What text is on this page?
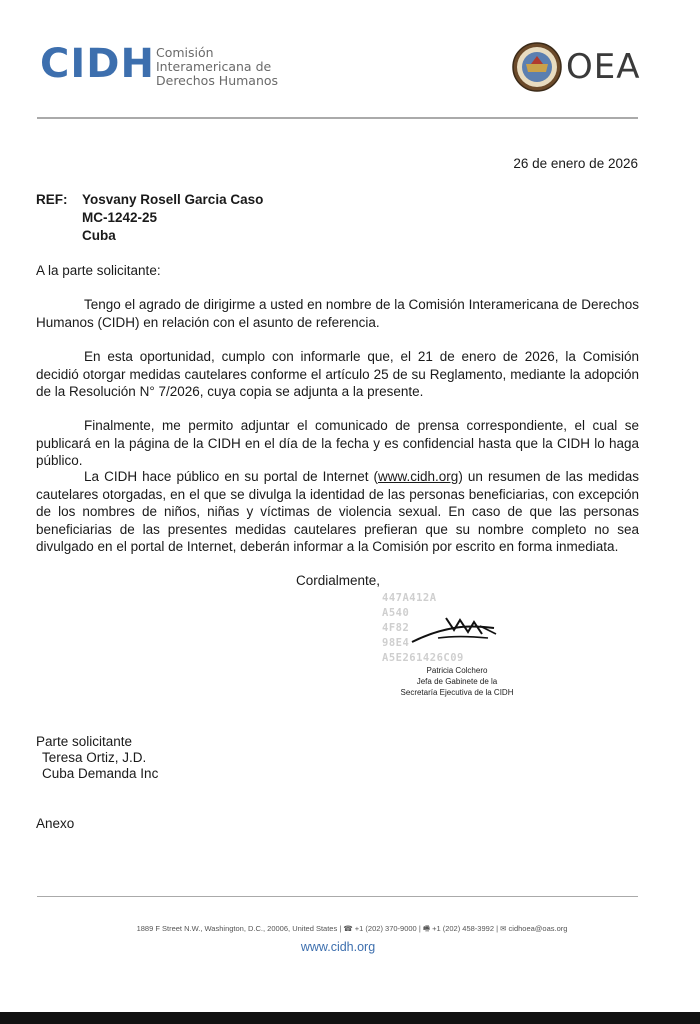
CIDH Comisión
Interamericana de
Derechos Humanos	OEA
26 de enero de 2026
REF: Yosvany Rosell Garcia Caso
MC-1242-25
Cuba
A la parte solicitante:

Tengo el agrado de dirigirme a usted en nombre de la Comisión Interamericana de Derechos Humanos (CIDH) en relación con el asunto de referencia.

En esta oportunidad, cumplo con informarle que, el 21 de enero de 2026, la Comisión decidió otorgar medidas cautelares conforme el artículo 25 de su Reglamento, mediante la adopción de la Resolución N° 7/2026, cuya copia se adjunta a la presente.

Finalmente, me permito adjuntar el comunicado de prensa correspondiente, el cual se publicará en la página de la CIDH en el día de la fecha y es confidencial hasta que la CIDH lo haga público.

La CIDH hace público en su portal de Internet (www.cidh.org) un resumen de las medidas cautelares otorgadas, en el que se divulga la identidad de las personas beneficiarias, con excepción de los nombres de niños, niñas y víctimas de violencia sexual. En caso de que las personas beneficiarias de las presentes medidas cautelares prefieran que su nombre completo no sea divulgado en el portal de Internet, deberán informar a la Comisión por escrito en forma inmediata.

Cordialmente,
447A412A
A540
4F82
98E4
A5E261426C09
Patricia Colchero
Jefa de Gabinete de la
Secretaría Ejecutiva de la CIDH
Parte solicitante
Teresa Ortiz, J.D.
Cuba Demanda Inc
Anexo
1889 F Street N.W., Washington, D.C., 20006, United States | ☎ +1 (202) 370-9000 | 🖷 +1 (202) 458-3992 | ✉ cidhoea@oas.org
www.cidh.org
